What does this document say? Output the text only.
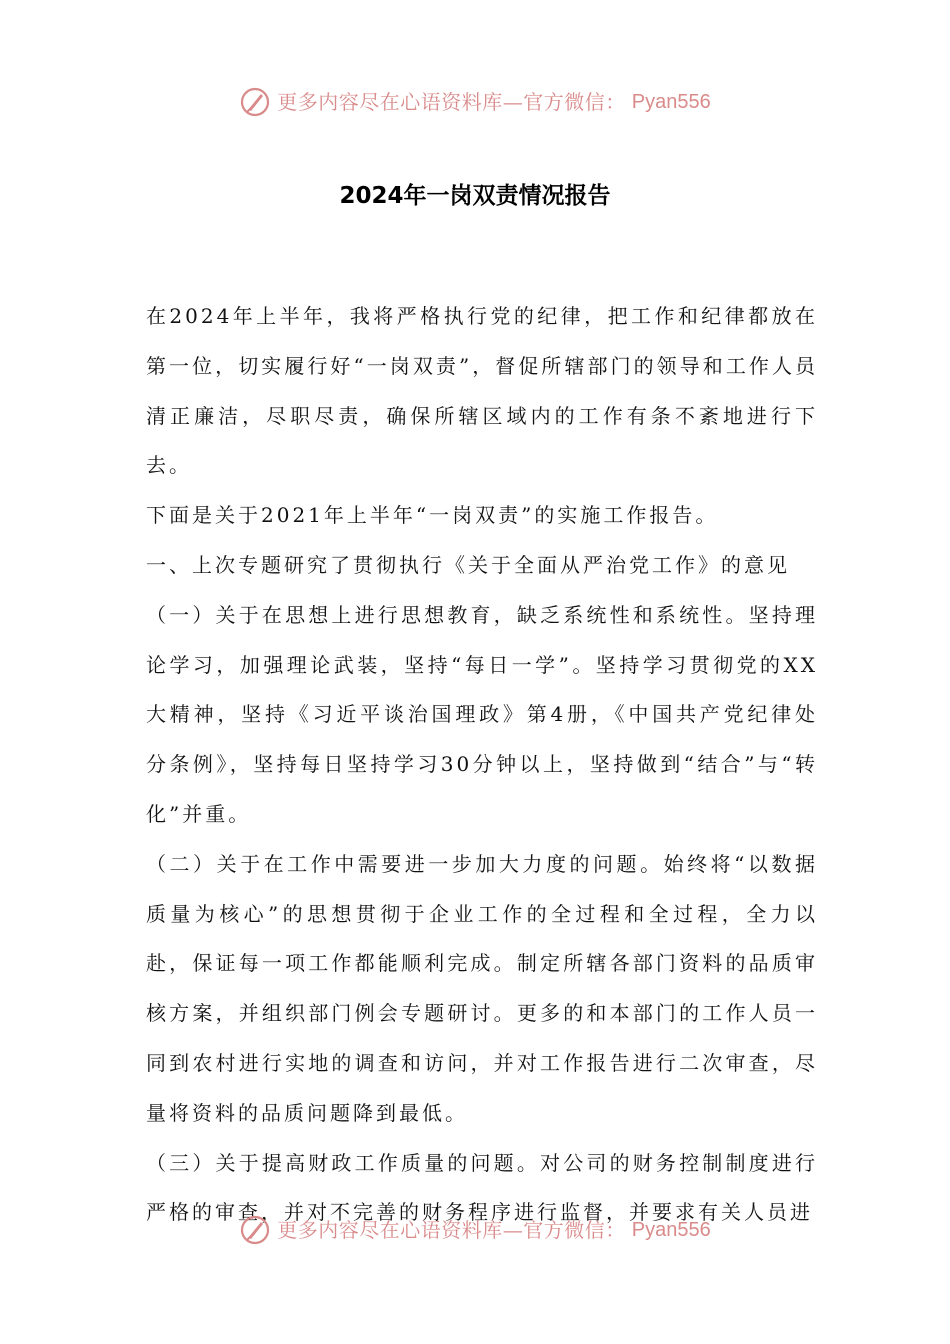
更多内容尽在心语资料库—官方微信： Pyan556
2024年一岗双责情况报告

在2024年上半年，我将严格执行党的纪律，把工作和纪律都放在第一位，切实履行好“一岗双责”，督促所辖部门的领导和工作人员清正廉洁，尽职尽责，确保所辖区域内的工作有条不紊地进行下去。

下面是关于2021年上半年“一岗双责”的实施工作报告。

一、上次专题研究了贯彻执行《关于全面从严治党工作》的意见

（一）关于在思想上进行思想教育，缺乏系统性和系统性。坚持理论学习，加强理论武装，坚持“每日一学”。坚持学习贯彻党的XX大精神，坚持《习近平谈治国理政》第4册，《中国共产党纪律处分条例》，坚持每日坚持学习30分钟以上，坚持做到“结合”与“转化”并重。

（二）关于在工作中需要进一步加大力度的问题。始终将“以数据质量为核心”的思想贯彻于企业工作的全过程和全过程，全力以赴，保证每一项工作都能顺利完成。制定所辖各部门资料的品质审核方案，并组织部门例会专题研讨。更多的和本部门的工作人员一同到农村进行实地的调查和访问，并对工作报告进行二次审查，尽量将资料的品质问题降到最低。

（三）关于提高财政工作质量的问题。对公司的财务控制制度进行严格的审查，并对不完善的财务程序进行监督，并要求有关人员进

更多内容尽在心语资料库—官方微信： Pyan556
